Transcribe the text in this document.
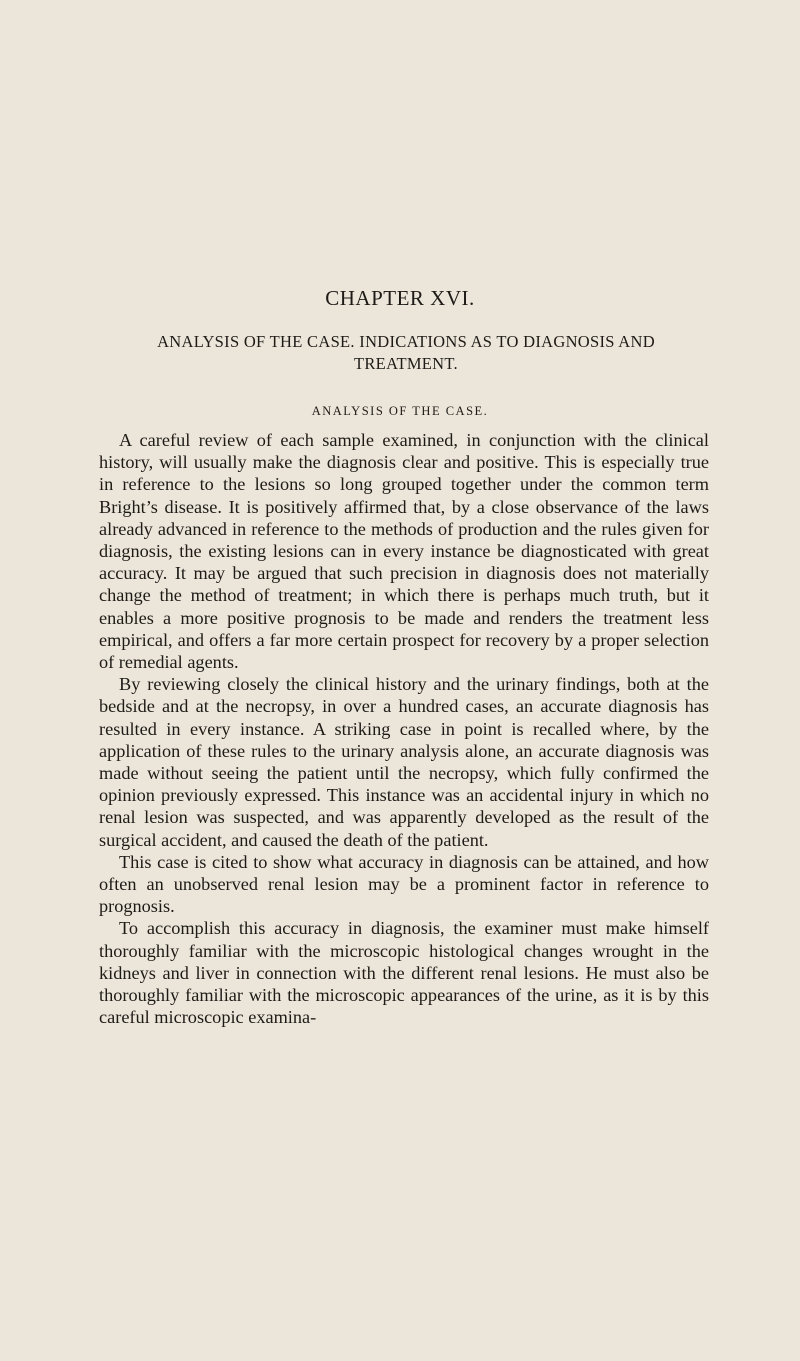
CHAPTER XVI.
ANALYSIS OF THE CASE. INDICATIONS AS TO DIAGNOSIS AND TREATMENT.
ANALYSIS OF THE CASE.

A careful review of each sample examined, in conjunction with the clinical history, will usually make the diagnosis clear and positive. This is especially true in reference to the lesions so long grouped together under the common term Bright’s disease. It is positively affirmed that, by a close observance of the laws already advanced in reference to the methods of production and the rules given for diagnosis, the existing lesions can in every instance be diagnosticated with great accuracy. It may be argued that such precision in diagnosis does not materially change the method of treatment; in which there is perhaps much truth, but it enables a more positive prognosis to be made and renders the treatment less empirical, and offers a far more certain prospect for recovery by a proper selection of remedial agents.

By reviewing closely the clinical history and the urinary findings, both at the bedside and at the necropsy, in over a hundred cases, an accurate diagnosis has resulted in every instance. A striking case in point is recalled where, by the application of these rules to the urinary analysis alone, an accurate diagnosis was made without seeing the patient until the necropsy, which fully confirmed the opinion previously expressed. This instance was an accidental injury in which no renal lesion was suspected, and was apparently developed as the result of the surgical accident, and caused the death of the patient.

This case is cited to show what accuracy in diagnosis can be attained, and how often an unobserved renal lesion may be a prominent factor in reference to prognosis.

To accomplish this accuracy in diagnosis, the examiner must make himself thoroughly familiar with the microscopic histological changes wrought in the kidneys and liver in connection with the different renal lesions. He must also be thoroughly familiar with the microscopic appearances of the urine, as it is by this careful microscopic examina-
